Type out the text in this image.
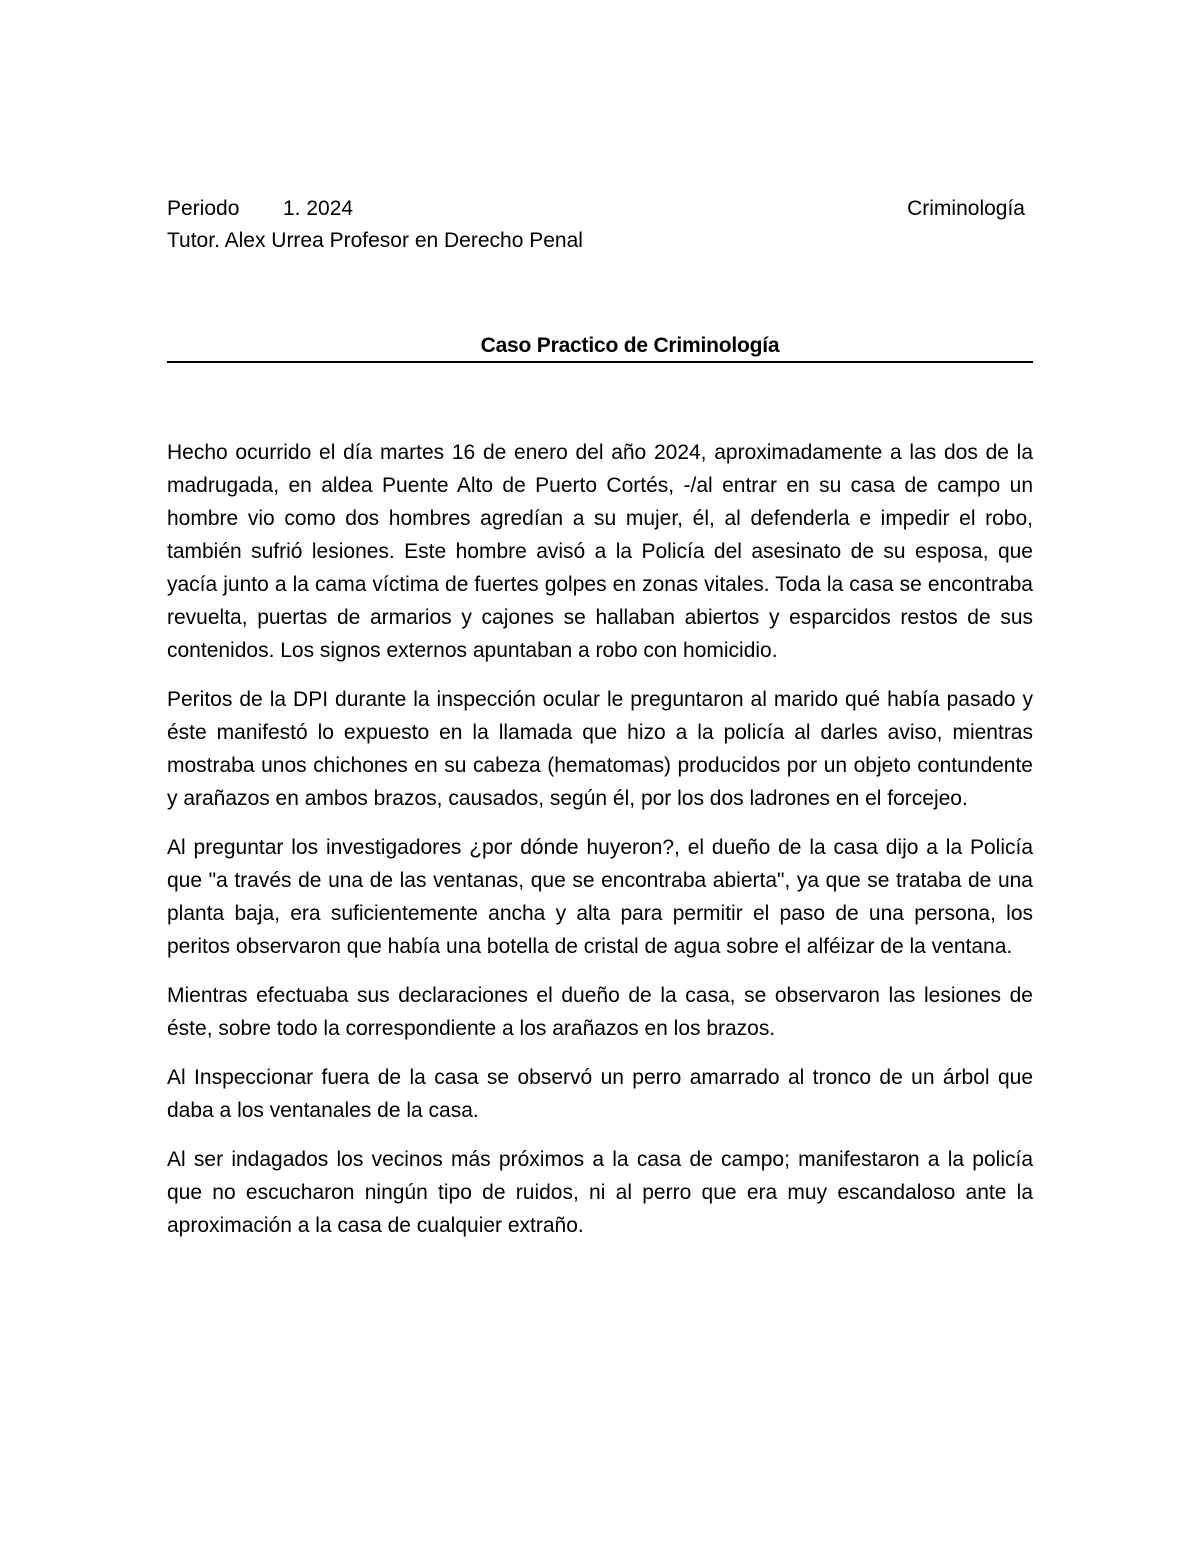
Periodo 1. 2024	Criminología
Tutor. Alex Urrea Profesor en Derecho Penal
Caso Practico de Criminología

Hecho ocurrido el día martes 16 de enero del año 2024, aproximadamente a las dos de la madrugada, en aldea Puente Alto de Puerto Cortés, -/al entrar en su casa de campo un hombre vio como dos hombres agredían a su mujer, él, al defenderla e impedir el robo, también sufrió lesiones. Este hombre avisó a la Policía del asesinato de su esposa, que yacía junto a la cama víctima de fuertes golpes en zonas vitales. Toda la casa se encontraba revuelta, puertas de armarios y cajones se hallaban abiertos y esparcidos restos de sus contenidos. Los signos externos apuntaban a robo con homicidio.

Peritos de la DPI durante la inspección ocular le preguntaron al marido qué había pasado y éste manifestó lo expuesto en la llamada que hizo a la policía al darles aviso, mientras mostraba unos chichones en su cabeza (hematomas) producidos por un objeto contundente y arañazos en ambos brazos, causados, según él, por los dos ladrones en el forcejeo.

Al preguntar los investigadores ¿por dónde huyeron?, el dueño de la casa dijo a la Policía que "a través de una de las ventanas, que se encontraba abierta", ya que se trataba de una planta baja, era suficientemente ancha y alta para permitir el paso de una persona, los peritos observaron que había una botella de cristal de agua sobre el alféizar de la ventana.

Mientras efectuaba sus declaraciones el dueño de la casa, se observaron las lesiones de éste, sobre todo la correspondiente a los arañazos en los brazos.

Al Inspeccionar fuera de la casa se observó un perro amarrado al tronco de un árbol que daba a los ventanales de la casa.

Al ser indagados los vecinos más próximos a la casa de campo; manifestaron a la policía que no escucharon ningún tipo de ruidos, ni al perro que era muy escandaloso ante la aproximación a la casa de cualquier extraño.
